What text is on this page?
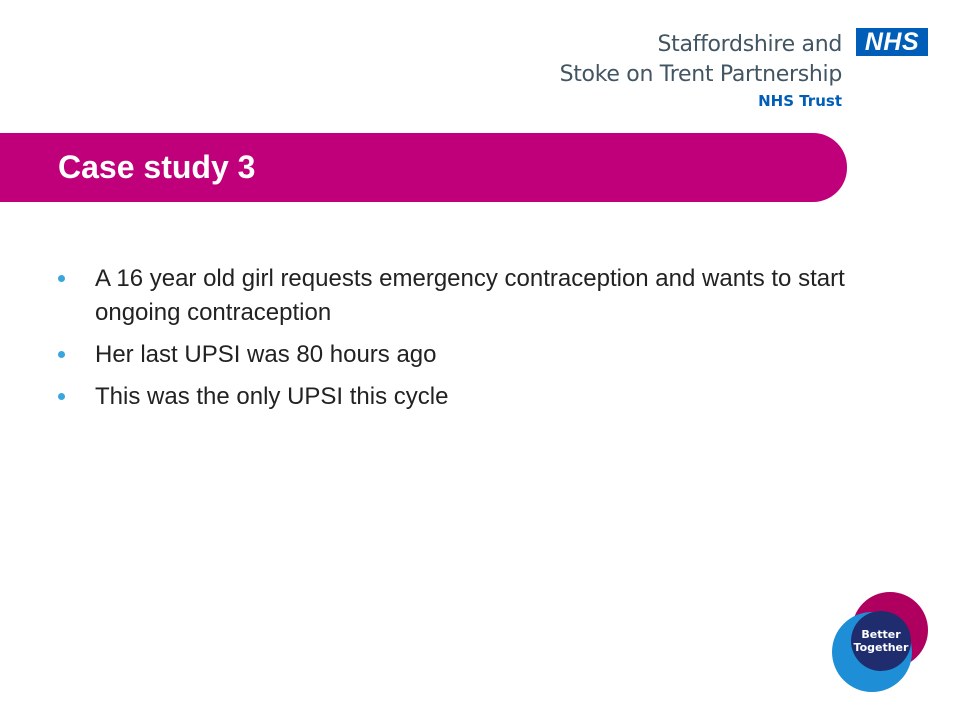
Staffordshire and
Stoke on Trent Partnership
NHS Trust
NHS
Case study 3
A 16 year old girl requests emergency contraception and wants to start ongoing contraception
Her last UPSI was 80 hours ago
This was the only UPSI this cycle
Better
Together
